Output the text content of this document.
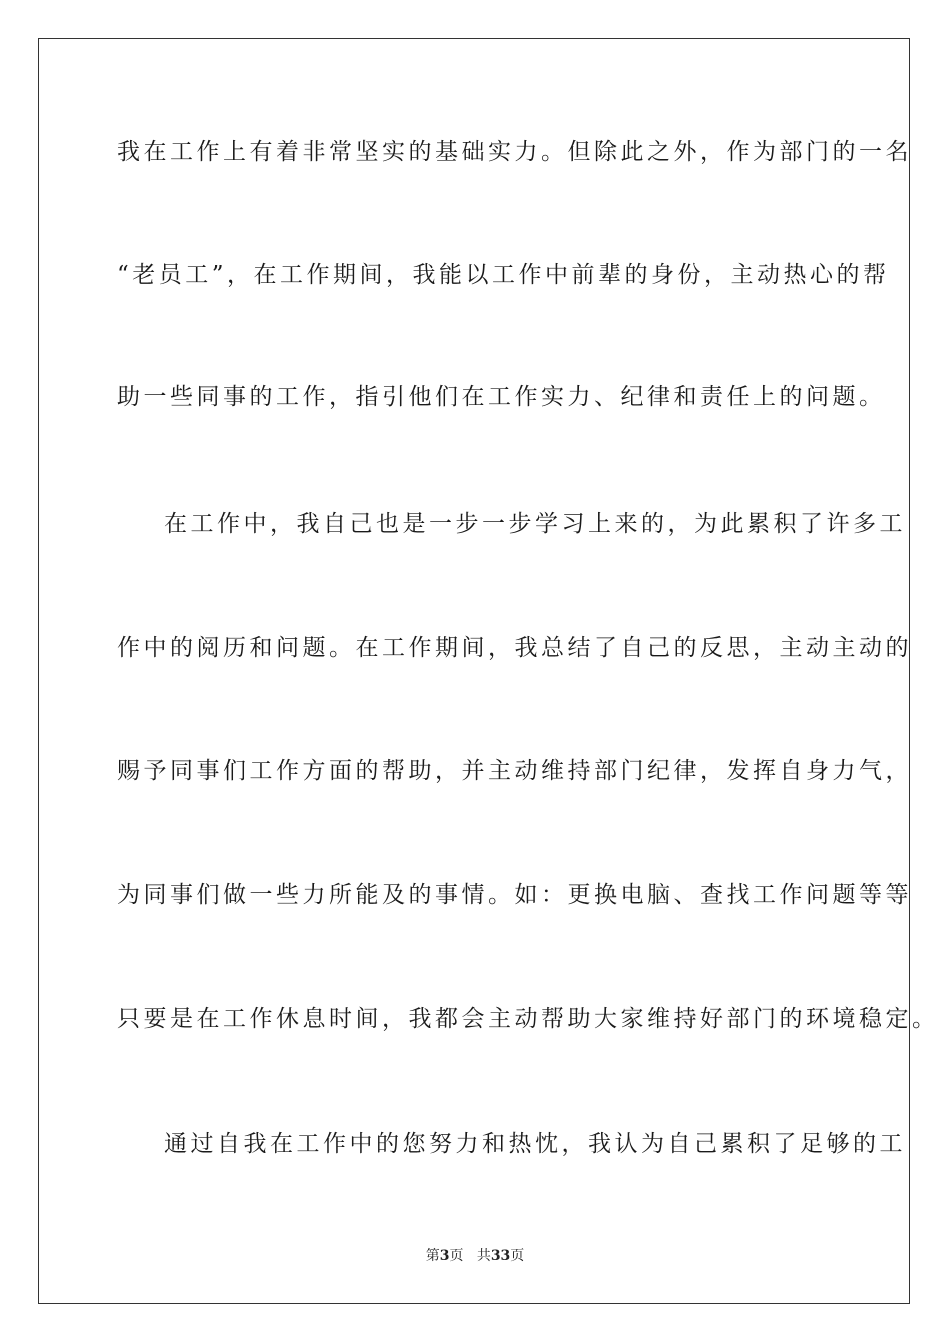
我在工作上有着非常坚实的基础实力。但除此之外，作为部门的一名
“老员工”，在工作期间，我能以工作中前辈的身份，主动热心的帮
助一些同事的工作，指引他们在工作实力、纪律和责任上的问题。
在工作中，我自己也是一步一步学习上来的，为此累积了许多工
作中的阅历和问题。在工作期间，我总结了自己的反思，主动主动的
赐予同事们工作方面的帮助，并主动维持部门纪律，发挥自身力气，
为同事们做一些力所能及的事情。如：更换电脑、查找工作问题等等
只要是在工作休息时间，我都会主动帮助大家维持好部门的环境稳定。
通过自我在工作中的您努力和热忱，我认为自己累积了足够的工
第3页 共33页
